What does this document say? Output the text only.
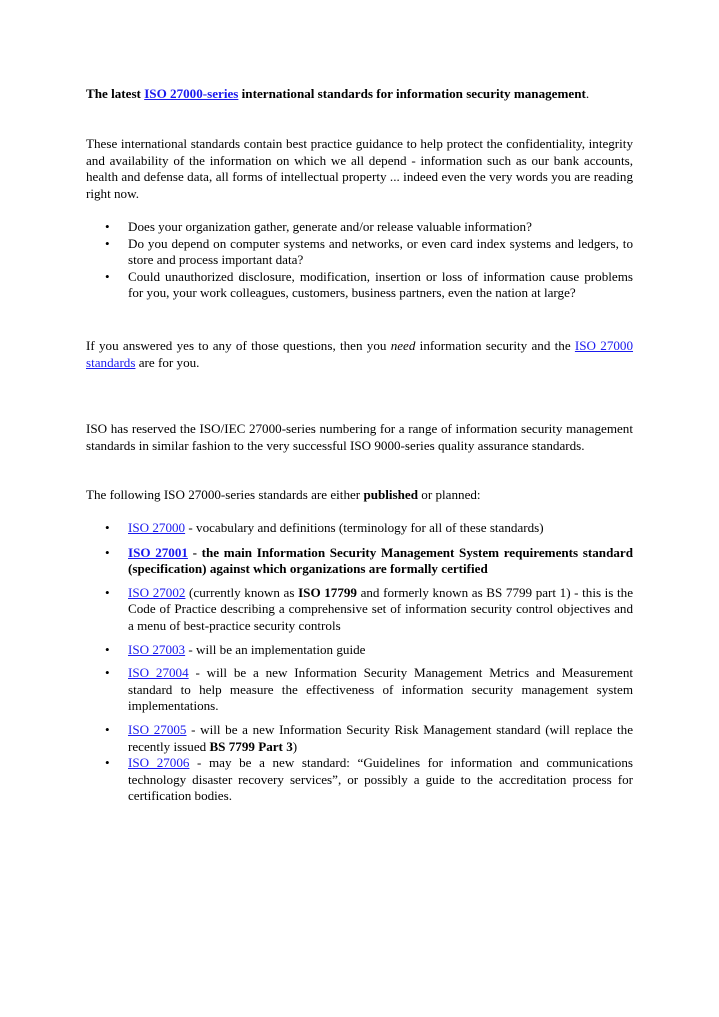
The latest ISO 27000-series international standards for information security management.

These international standards contain best practice guidance to help protect the confidentiality, integrity and availability of the information on which we all depend - information such as our bank accounts, health and defense data, all forms of intellectual property ... indeed even the very words you are reading right now.

• Does your organization gather, generate and/or release valuable information?
• Do you depend on computer systems and networks, or even card index systems and ledgers, to store and process important data?
• Could unauthorized disclosure, modification, insertion or loss of information cause problems for you, your work colleagues, customers, business partners, even the nation at large?

If you answered yes to any of those questions, then you need information security and the ISO 27000 standards are for you.

ISO has reserved the ISO/IEC 27000-series numbering for a range of information security management standards in similar fashion to the very successful ISO 9000-series quality assurance standards.

The following ISO 27000-series standards are either published or planned:

• ISO 27000 - vocabulary and definitions (terminology for all of these standards)
• ISO 27001 - the main Information Security Management System requirements standard (specification) against which organizations are formally certified
• ISO 27002 (currently known as ISO 17799 and formerly known as BS 7799 part 1) - this is the Code of Practice describing a comprehensive set of information security control objectives and a menu of best-practice security controls
• ISO 27003 - will be an implementation guide
• ISO 27004 - will be a new Information Security Management Metrics and Measurement standard to help measure the effectiveness of information security management system implementations.
• ISO 27005 - will be a new Information Security Risk Management standard (will replace the recently issued BS 7799 Part 3)
• ISO 27006 - may be a new standard: “Guidelines for information and communications technology disaster recovery services”, or possibly a guide to the accreditation process for certification bodies.
